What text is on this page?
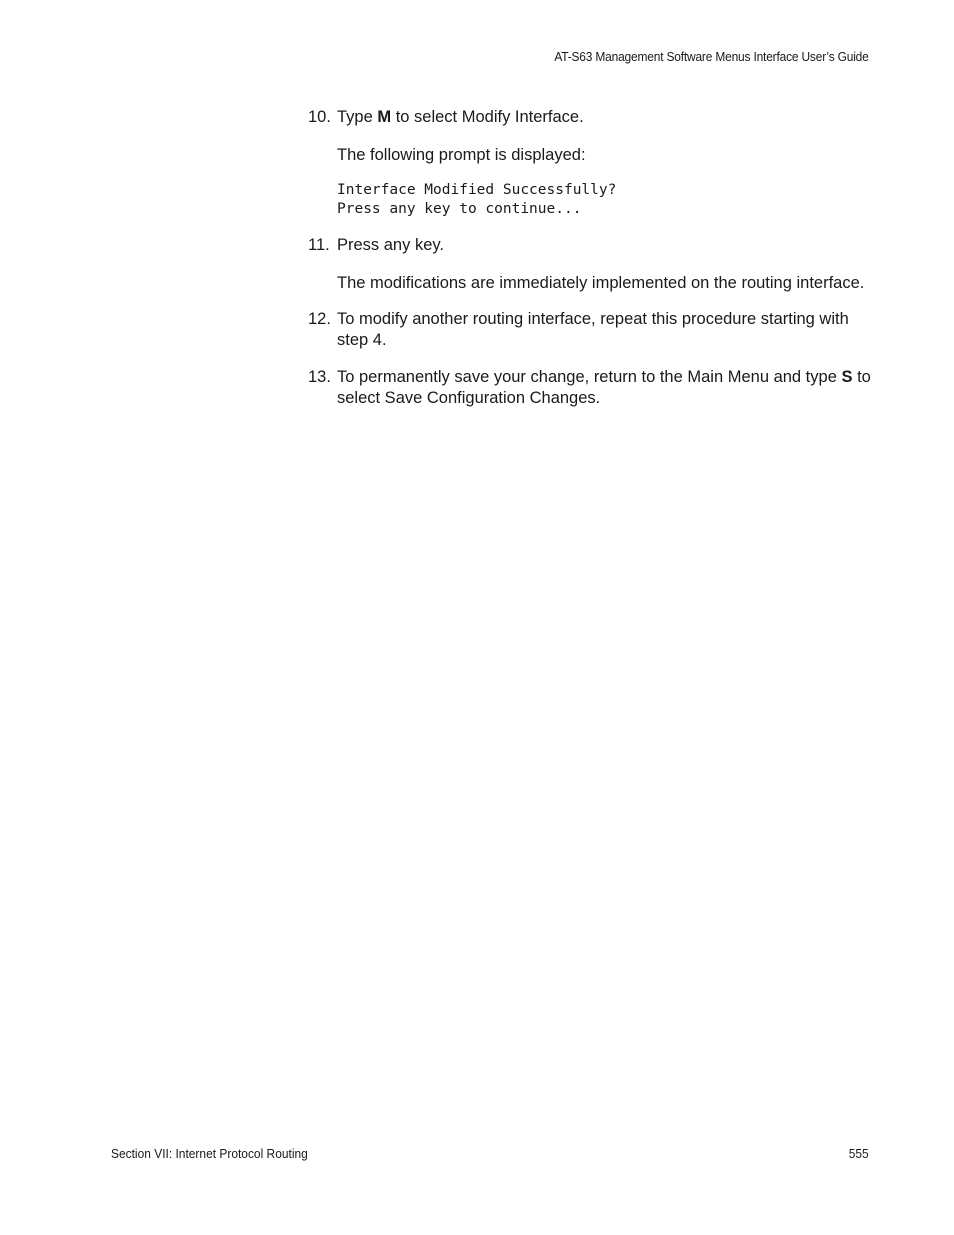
AT-S63 Management Software Menus Interface User’s Guide
10. Type M to select Modify Interface.

The following prompt is displayed:

Interface Modified Successfully?
Press any key to continue...
11. Press any key.

The modifications are immediately implemented on the routing interface.

12. To modify another routing interface, repeat this procedure starting with step 4.

13. To permanently save your change, return to the Main Menu and type S to select Save Configuration Changes.

Section VII: Internet Protocol Routing	555
